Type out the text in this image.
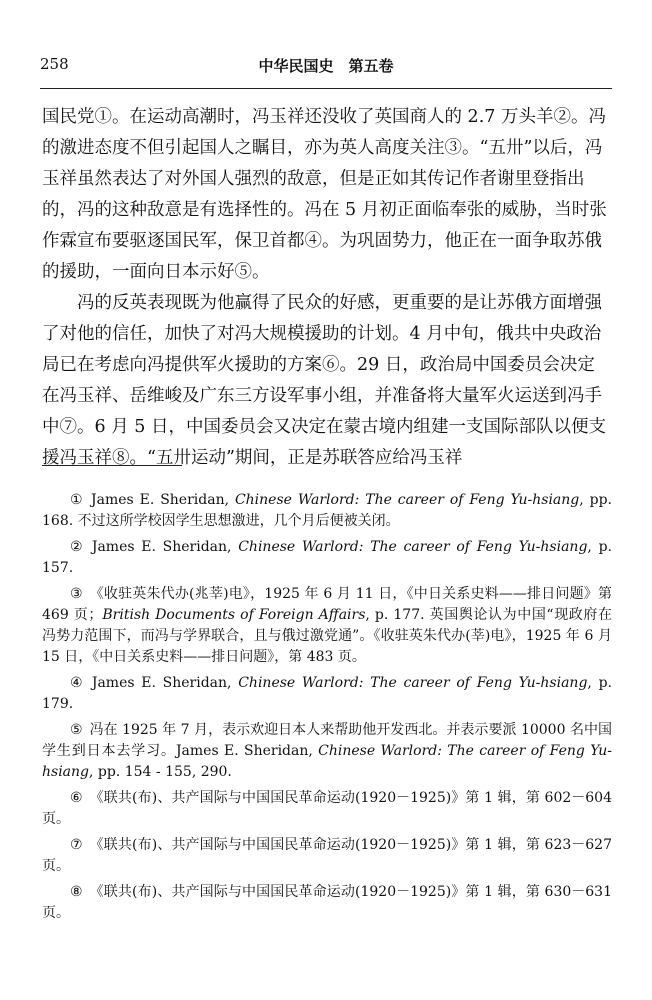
258	中华民国史　第五卷

国民党①。在运动高潮时，冯玉祥还没收了英国商人的 2.7 万头羊②。冯的激进态度不但引起国人之瞩目，亦为英人高度关注③。“五卅”以后，冯玉祥虽然表达了对外国人强烈的敌意，但是正如其传记作者谢里登指出的，冯的这种敌意是有选择性的。冯在 5 月初正面临奉张的威胁，当时张作霖宣布要驱逐国民军，保卫首都④。为巩固势力，他正在一面争取苏俄的援助，一面向日本示好⑤。

冯的反英表现既为他赢得了民众的好感，更重要的是让苏俄方面增强了对他的信任，加快了对冯大规模援助的计划。4 月中旬，俄共中央政治局已在考虑向冯提供军火援助的方案⑥。29 日，政治局中国委员会决定在冯玉祥、岳维峻及广东三方设军事小组，并准备将大量军火运送到冯手中⑦。6 月 5 日，中国委员会又决定在蒙古境内组建一支国际部队以便支援冯玉祥⑧。“五卅运动”期间，正是苏联答应给冯玉祥

① James E. Sheridan, Chinese Warlord: The career of Feng Yu-hsiang, pp. 168. 不过这所学校因学生思想激进，几个月后便被关闭。

② James E. Sheridan, Chinese Warlord: The career of Feng Yu-hsiang, p. 157.

③ 《收驻英朱代办(兆莘)电》，1925 年 6 月 11 日，《中日关系史料——排日问题》第 469 页；British Documents of Foreign Affairs, p. 177. 英国舆论认为中国“现政府在冯势力范围下，而冯与学界联合，且与俄过激党通”。《收驻英朱代办(莘)电》，1925 年 6 月 15 日，《中日关系史料——排日问题》，第 483 页。

④ James E. Sheridan, Chinese Warlord: The career of Feng Yu-hsiang, p. 179.

⑤ 冯在 1925 年 7 月，表示欢迎日本人来帮助他开发西北。并表示要派 10000 名中国学生到日本去学习。James E. Sheridan, Chinese Warlord: The career of Feng Yu-hsiang, pp. 154 - 155, 290.

⑥ 《联共(布)、共产国际与中国国民革命运动(1920－1925)》第 1 辑，第 602－604 页。

⑦ 《联共(布)、共产国际与中国国民革命运动(1920－1925)》第 1 辑，第 623－627 页。

⑧ 《联共(布)、共产国际与中国国民革命运动(1920－1925)》第 1 辑，第 630－631 页。
